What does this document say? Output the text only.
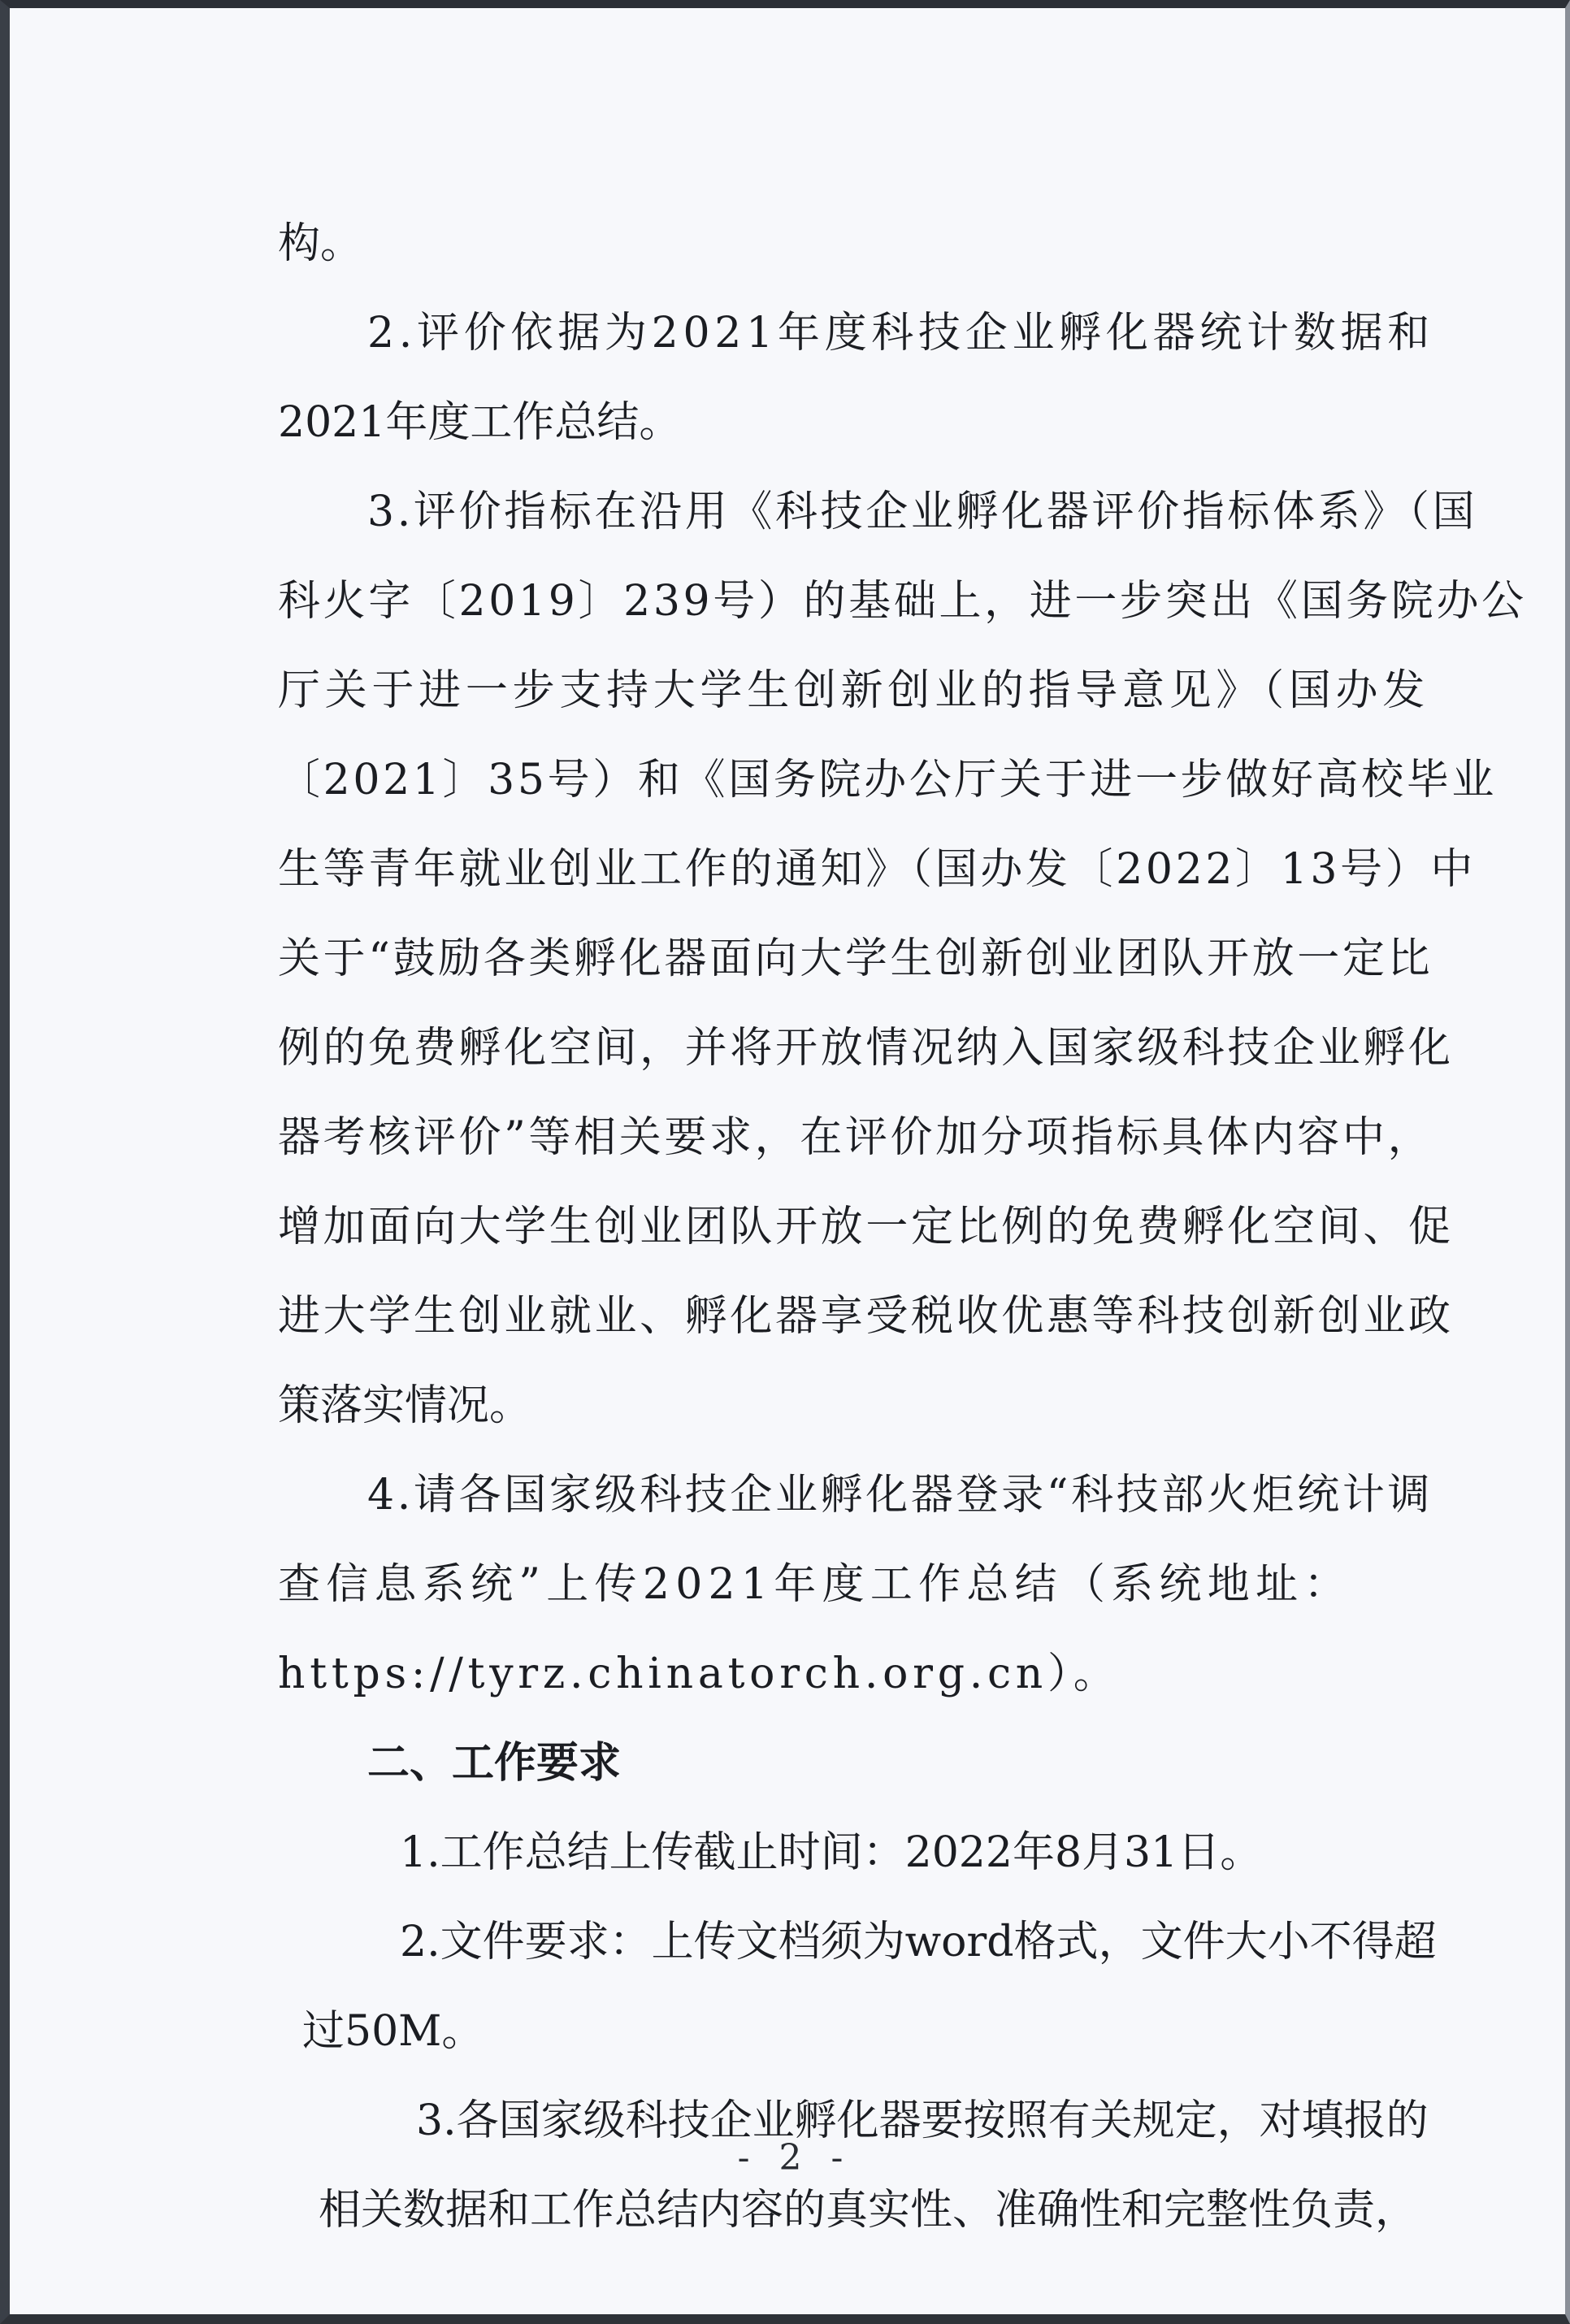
构。
2.评价依据为2021年度科技企业孵化器统计数据和
2021年度工作总结。
3.评价指标在沿用《科技企业孵化器评价指标体系》（国
科火字〔2019〕239号）的基础上，进一步突出《国务院办公
厅关于进一步支持大学生创新创业的指导意见》（国办发
〔2021〕35号）和《国务院办公厅关于进一步做好高校毕业
生等青年就业创业工作的通知》（国办发〔2022〕13号）中
关于“鼓励各类孵化器面向大学生创新创业团队开放一定比
例的免费孵化空间，并将开放情况纳入国家级科技企业孵化
器考核评价”等相关要求，在评价加分项指标具体内容中，
增加面向大学生创业团队开放一定比例的免费孵化空间、促
进大学生创业就业、孵化器享受税收优惠等科技创新创业政
策落实情况。
4.请各国家级科技企业孵化器登录“科技部火炬统计调
查信息系统”上传2021年度工作总结（系统地址：
https://tyrz.chinatorch.org.cn）。
二、工作要求
1.工作总结上传截止时间：2022年8月31日。
2.文件要求：上传文档须为word格式，文件大小不得超
过50M。
3.各国家级科技企业孵化器要按照有关规定，对填报的
相关数据和工作总结内容的真实性、准确性和完整性负责，
- 2 -
